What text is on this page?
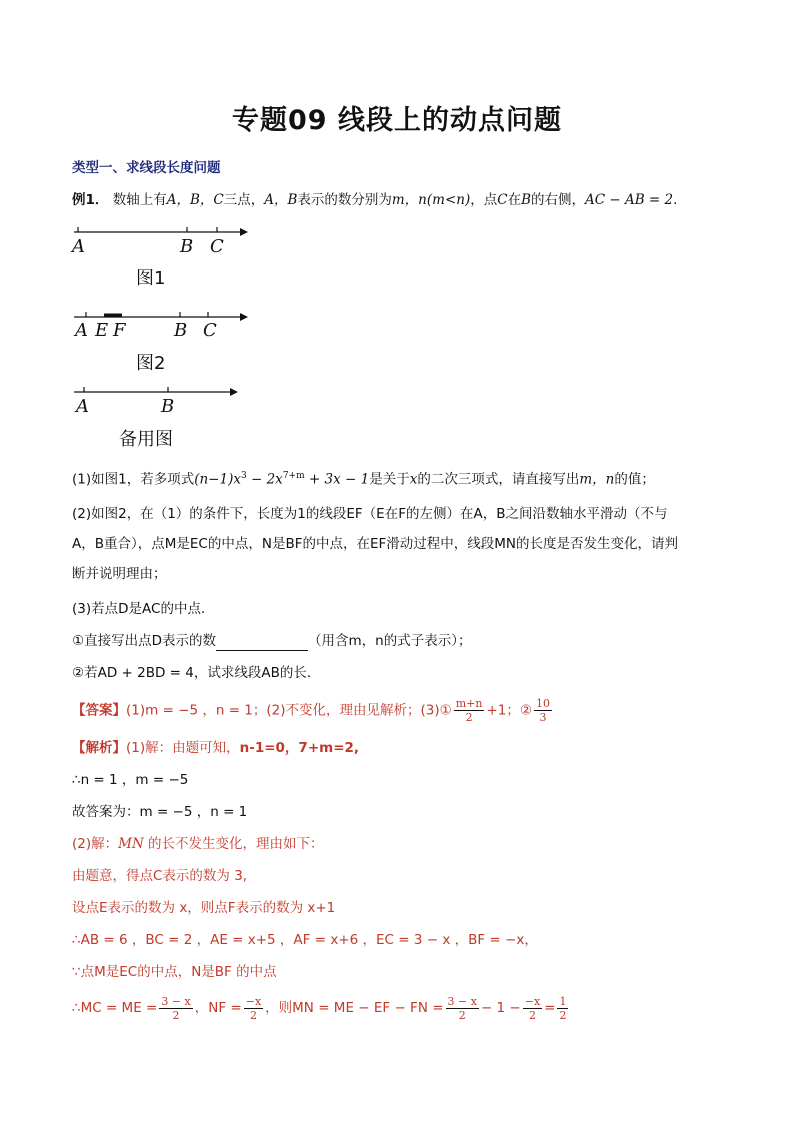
专题09 线段上的动点问题
类型一、求线段长度问题
例1． 数轴上有A，B，C三点，A，B表示的数分别为m，n(m<n)，点C在B的右侧，AC − AB = 2．
A	B C
图1
A E F	B C
图2
A	B
备用图
(1)如图1，若多项式$(n-1)x^3 - 2x^{7+m} + 3x - 1$是关于x的二次三项式，请直接写出m，n的值；
(2)如图2，在（1）的条件下，长度为1的线段EF（E在F的左侧）在A，B之间沿数轴水平滑动（不与
A，B重合），点M是EC的中点，N是BF的中点，在EF滑动过程中，线段MN的长度是否发生变化，请判
断并说明理由；
(3)若点D是AC的中点．
①直接写出点D表示的数	（用含m，n的式子表示）；
②若AD + 2BD = 4，试求线段AB的长．
【答案】(1)m = −5 ，n = 1；(2)不变化，理由见解析；(3)① $\frac{m+n}{2} +1$；② $\frac{10}{3}$
【解析】(1)解：由题可知，n-1=0，7+m=2,
∴n = 1 ，m = −5
故答案为：m = −5 ，n = 1
(2)解：MN 的长不发生变化，理由如下：
由题意，得点C表示的数为 3,
设点E表示的数为 x，则点F表示的数为 x+1
∴AB = 6 ，BC = 2 ，AE = x+5 ，AF = x+6 ，EC = 3 − x ，BF = −x，
∵点M是EC的中点，N是BF 的中点
∴MC = ME = $\frac{3 - x}{2}$ ，NF = $\frac{-x}{2}$ ，则MN = ME − EF − FN = $\frac{3 - x}{2} - 1 - \frac{-x}{2} = \frac{1}{2}$
